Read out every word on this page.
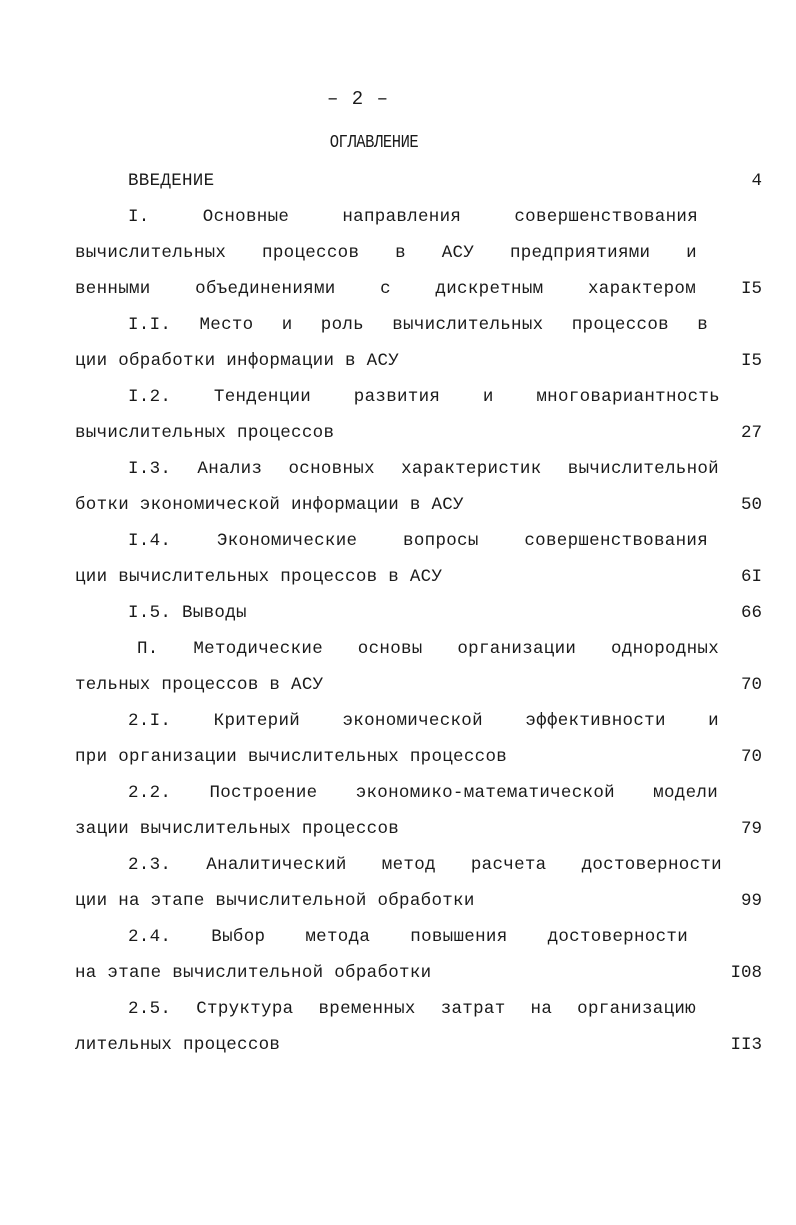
– 2 –
ОГЛАВЛЕНИЕ
ВВЕДЕНИЕ	4
I. Основные направления совершенствования
вычислительных процессов в АСУ предприятиями и
венными объединениями с дискретным характером	I5
I.I. Место и роль вычислительных процессов в
ции обработки информации в АСУ	I5
I.2. Тенденции развития и многовариантность
вычислительных процессов	27
I.3. Анализ основных характеристик вычислительной
ботки экономической информации в АСУ	50
I.4. Экономические вопросы совершенствования
ции вычислительных процессов в АСУ	6I
I.5. Выводы	66
П. Методические основы организации однородных
тельных процессов в АСУ	70
2.I. Критерий экономической эффективности и
при организации вычислительных процессов	70
2.2. Построение экономико-математической модели
зации вычислительных процессов	79
2.3. Аналитический метод расчета достоверности
ции на этапе вычислительной обработки	99
2.4. Выбор метода повышения достоверности
на этапе вычислительной обработки	I08
2.5. Структура временных затрат на организацию
лительных процессов	II3
